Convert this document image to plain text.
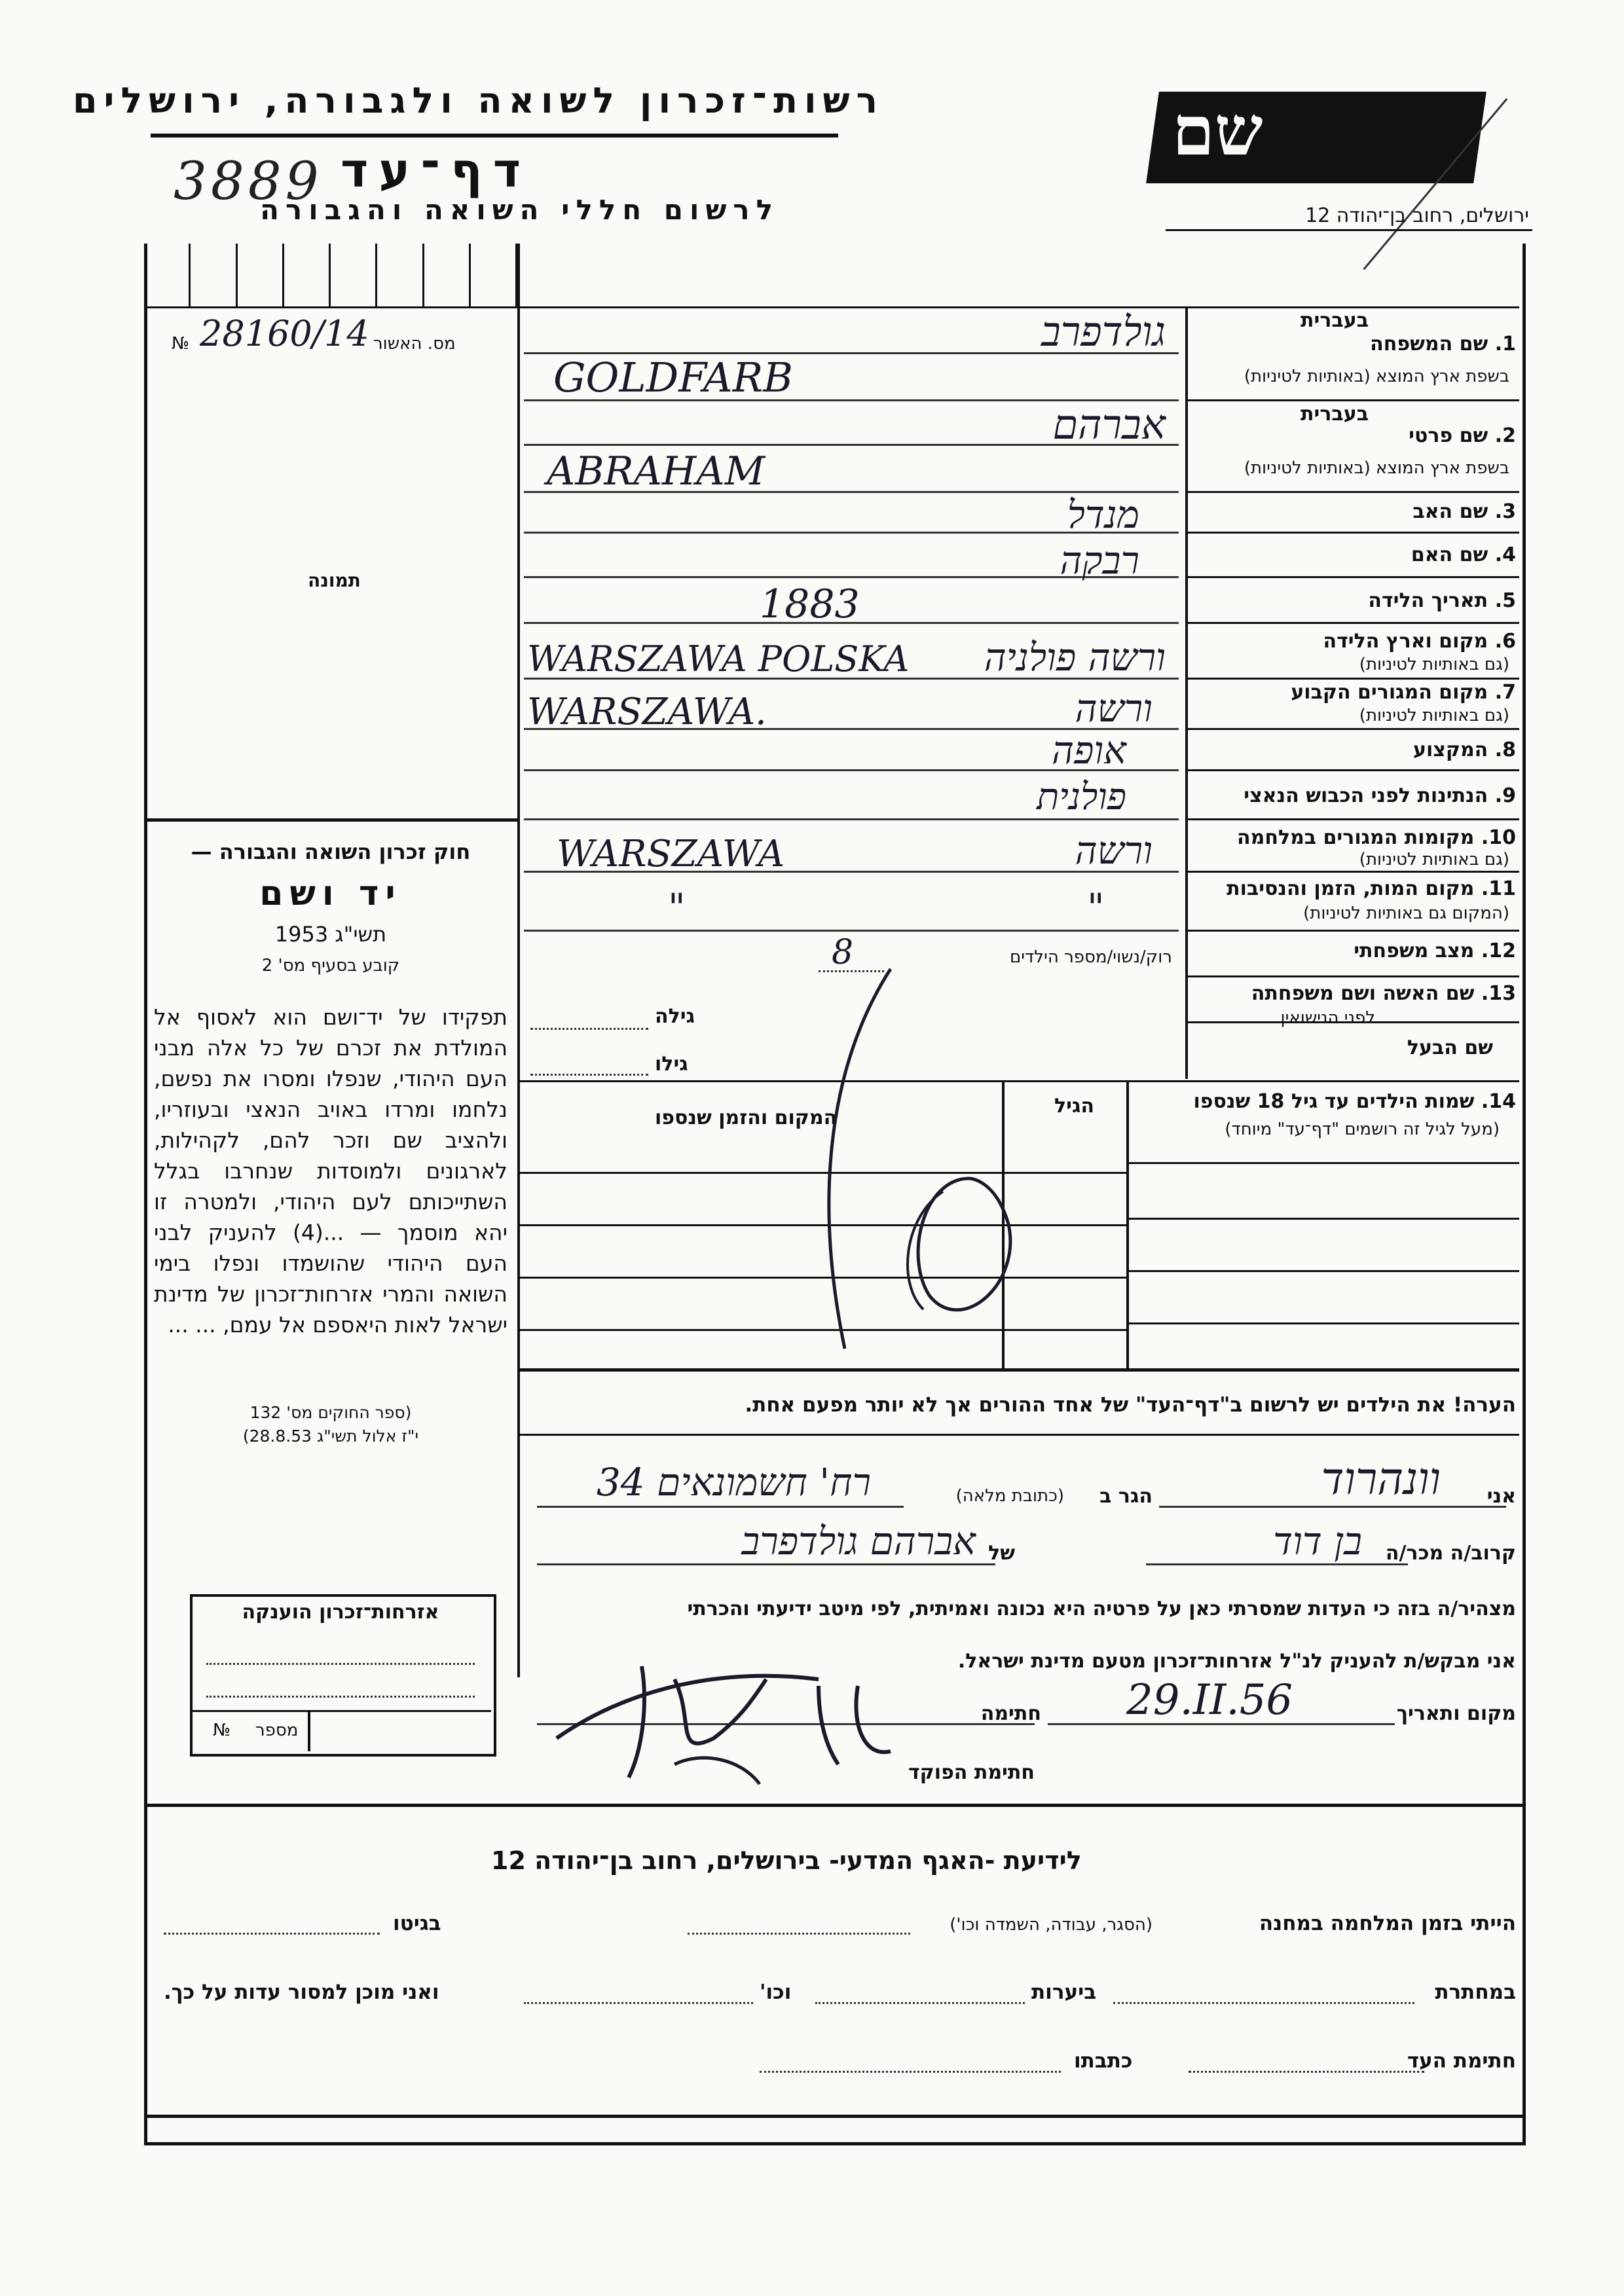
רשות־זכרון לשואה ולגבורה, ירושלים
3889 דף־עד
לרשום חללי השואה והגבורה
שם
ירושלים, רחוב בן־יהודה 12
מס. האשור
№ 28160/14
תמונה
חוק זכרון השואה והגבורה —
יד ושם
תשי"ג 1953
קובע בסעיף מס' 2
תפקידו של יד־ושם הוא לאסוף אל המולדת את זכרם של כל אלה מבני העם היהודי, שנפלו ומסרו את נפשם, נלחמו ומרדו באויב הנאצי ובעוזריו, ולהציב שם וזכר להם, לקהילות, לארגונים ולמוסדות שנחרבו בגלל השתייכותם לעם היהודי, ולמטרה זו יהא מוסמך — ...(4) להעניק לבני העם היהודי שהושמדו ונפלו בימי השואה והמרי אזרחות־זכרון של מדינת ישראל לאות היאספם אל עמם, ... ...
(ספר החוקים מס' 132
י"ז אלול תשי"ג 28.8.53)
1. שם המשפחה
בעברית
בשפת ארץ המוצא (באותיות לטיניות)
גולדפרב
GOLDFARB
2. שם פרטי
בעברית
בשפת ארץ המוצא (באותיות לטיניות)
אברהם
ABRAHAM
3. שם האב
מנדל
4. שם האם
רבקה
5. תאריך הלידה
1883
6. מקום וארץ הלידה
(גם באותיות לטיניות)
ורשה פולניה
WARSZAWA POLSKA
7. מקום המגורים הקבוע
(גם באותיות לטיניות)
ורשה
WARSZAWA.
8. המקצוע
אופה
9. הנתינות לפני הכבוש הנאצי
פולנית
10. מקומות המגורים במלחמה
(גם באותיות לטיניות)
ורשה
WARSZAWA
11. מקום המות, הזמן והנסיבות
(המקום גם באותיות לטיניות)
"
"
12. מצב משפחתי
רוק/נשוי/מספר הילדים
8
13. שם האשה ושם משפחתה
לפני הנישואין
גילה
שם הבעל
גילו
14. שמות הילדים עד גיל 18 שנספו
(מעל לגיל זה רושמים "דף־עד" מיוחד)
הגיל
המקום והזמן שנספו
הערה! את הילדים יש לרשום ב"דף־העד" של אחד ההורים אך לא יותר מפעם אחת.
אני
וונהרוד
הגר ב
(כתובת מלאה)
רח' חשמונאים 34
קרוב/ה מכר/ה
בן דוד
של
אברהם גולדפרב
מצהיר/ה בזה כי העדות שמסרתי כאן על פרטיה היא נכונה ואמיתית, לפי מיטב ידיעתי והכרתי
אני מבקש/ת להעניק לנ"ל אזרחות־זכרון מטעם מדינת ישראל.
מקום ותאריך
29.II.56
חתימה
חתימת הפוקד
אזרחות־זכרון הוענקה
מספר
№
לידיעת -האגף המדעי- בירושלים, רחוב בן־יהודה 12
הייתי בזמן המלחמה במחנה
(הסגר, עבודה, השמדה וכו')
בגיטו
במחתרת
ביערות
וכו'
ואני מוכן למסור עדות על כך.
חתימת העד
כתבתו
